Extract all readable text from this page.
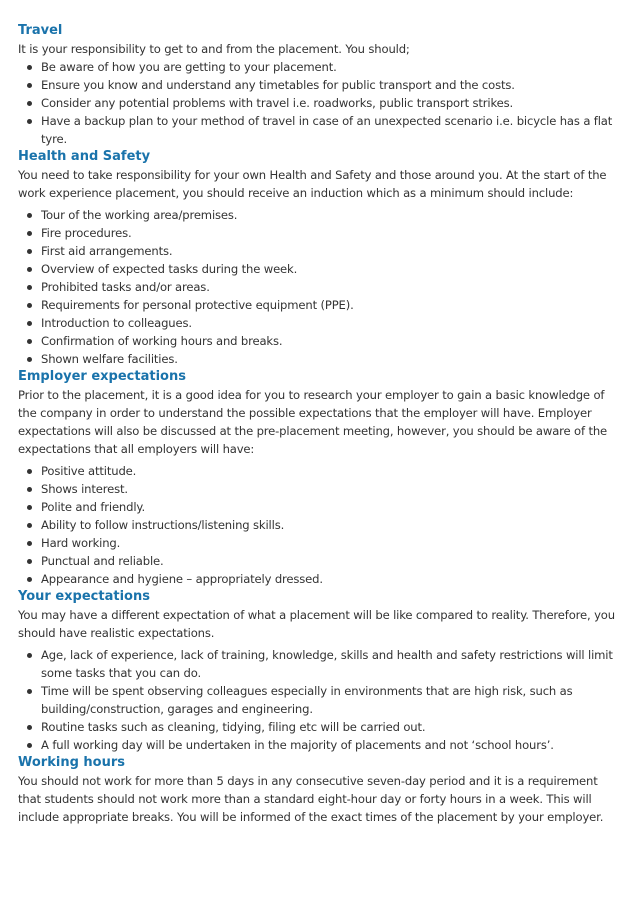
Travel

It is your responsibility to get to and from the placement. You should;

Be aware of how you are getting to your placement.
Ensure you know and understand any timetables for public transport and the costs.
Consider any potential problems with travel i.e. roadworks, public transport strikes.
Have a backup plan to your method of travel in case of an unexpected scenario i.e. bicycle has a flat tyre.
Health and Safety

You need to take responsibility for your own Health and Safety and those around you. At the start of the work experience placement, you should receive an induction which as a minimum should include:

Tour of the working area/premises.
Fire procedures.
First aid arrangements.
Overview of expected tasks during the week.
Prohibited tasks and/or areas.
Requirements for personal protective equipment (PPE).
Introduction to colleagues.
Confirmation of working hours and breaks.
Shown welfare facilities.
Employer expectations

Prior to the placement, it is a good idea for you to research your employer to gain a basic knowledge of the company in order to understand the possible expectations that the employer will have. Employer expectations will also be discussed at the pre-placement meeting, however, you should be aware of the expectations that all employers will have:

Positive attitude.
Shows interest.
Polite and friendly.
Ability to follow instructions/listening skills.
Hard working.
Punctual and reliable.
Appearance and hygiene – appropriately dressed.
Your expectations

You may have a different expectation of what a placement will be like compared to reality. Therefore, you should have realistic expectations.

Age, lack of experience, lack of training, knowledge, skills and health and safety restrictions will limit some tasks that you can do.
Time will be spent observing colleagues especially in environments that are high risk, such as building/construction, garages and engineering.
Routine tasks such as cleaning, tidying, filing etc will be carried out.
A full working day will be undertaken in the majority of placements and not ‘school hours’.
Working hours

You should not work for more than 5 days in any consecutive seven-day period and it is a requirement that students should not work more than a standard eight-hour day or forty hours in a week. This will include appropriate breaks. You will be informed of the exact times of the placement by your employer.
